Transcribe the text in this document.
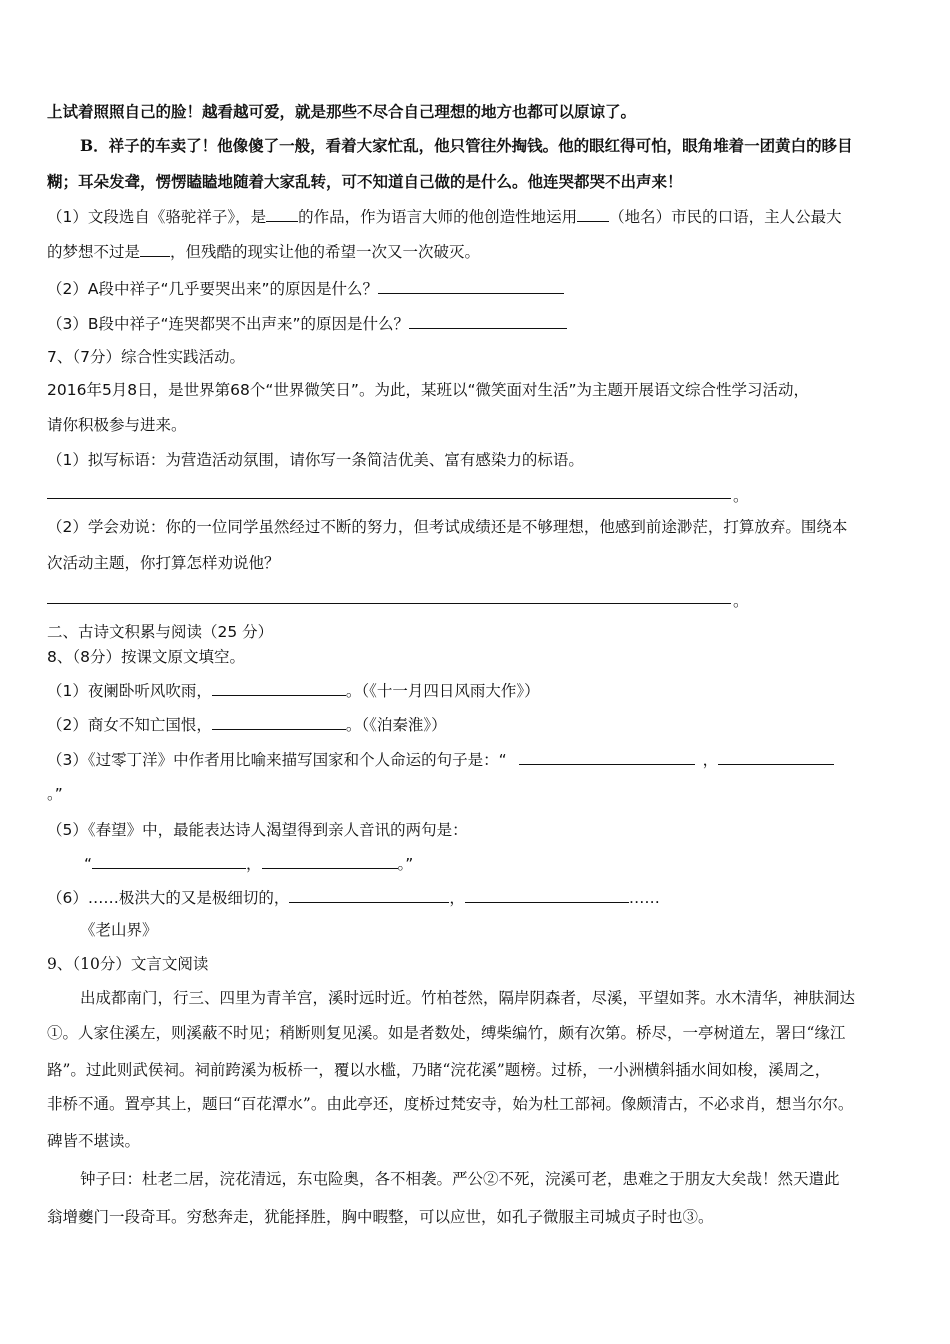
上试着照照自己的脸！越看越可爱，就是那些不尽合自己理想的地方也都可以原谅了。
B．祥子的车卖了！他像傻了一般，看着大家忙乱，他只管往外掏钱。他的眼红得可怕，眼角堆着一团黄白的眵目
糊；耳朵发聋，愣愣瞌瞌地随着大家乱转，可不知道自己做的是什么。他连哭都哭不出声来！
（1）文段选自《骆驼祥子》，是 的作品，作为语言大师的他创造性地运用 （地名）市民的口语，主人公最大
的梦想不过是 ，但残酷的现实让他的希望一次又一次破灭。
（2）A段中祥子“几乎要哭出来”的原因是什么？
（3）B段中祥子“连哭都哭不出声来”的原因是什么？
7、（7分）综合性实践活动。
2016年5月8日，是世界第68个“世界微笑日”。为此，某班以“微笑面对生活”为主题开展语文综合性学习活动，
请你积极参与进来。
（1）拟写标语：为营造活动氛围，请你写一条简洁优美、富有感染力的标语。
。
（2）学会劝说：你的一位同学虽然经过不断的努力，但考试成绩还是不够理想，他感到前途渺茫，打算放弃。围绕本
次活动主题，你打算怎样劝说他？
。
二、古诗文积累与阅读（25 分）
8、（8分）按课文原文填空。
（1）夜阑卧听风吹雨，	。（《十一月四日风雨大作》）
（2）商女不知亡国恨，	。（《泊秦淮》）
（3）《过零丁洋》中作者用比喻来描写国家和个人命运的句子是：“	，
。”
（5）《春望》中，最能表达诗人渴望得到亲人音讯的两句是：
“	，	。”
（6）……极洪大的又是极细切的，	，	……
《老山界》
9、（10分）文言文阅读
出成都南门，行三、四里为青羊宫，溪时远时近。竹柏苍然，隔岸阴森者，尽溪，平望如荠。水木清华，神肤洞达
①。人家住溪左，则溪蔽不时见；稍断则复见溪。如是者数处，缚柴编竹，颇有次第。桥尽，一亭树道左，署曰“缘江
路”。过此则武侯祠。祠前跨溪为板桥一，覆以水槛，乃睹“浣花溪”题榜。过桥，一小洲横斜插水间如梭，溪周之，
非桥不通。置亭其上，题曰“百花潭水”。由此亭还，度桥过梵安寺，始为杜工部祠。像颇清古，不必求肖，想当尔尔。
碑皆不堪读。
钟子曰：杜老二居，浣花清远，东屯险奥，各不相袭。严公②不死，浣溪可老，患难之于朋友大矣哉！然天遣此
翁增夔门一段奇耳。穷愁奔走，犹能择胜，胸中暇整，可以应世，如孔子微服主司城贞子时也③。
